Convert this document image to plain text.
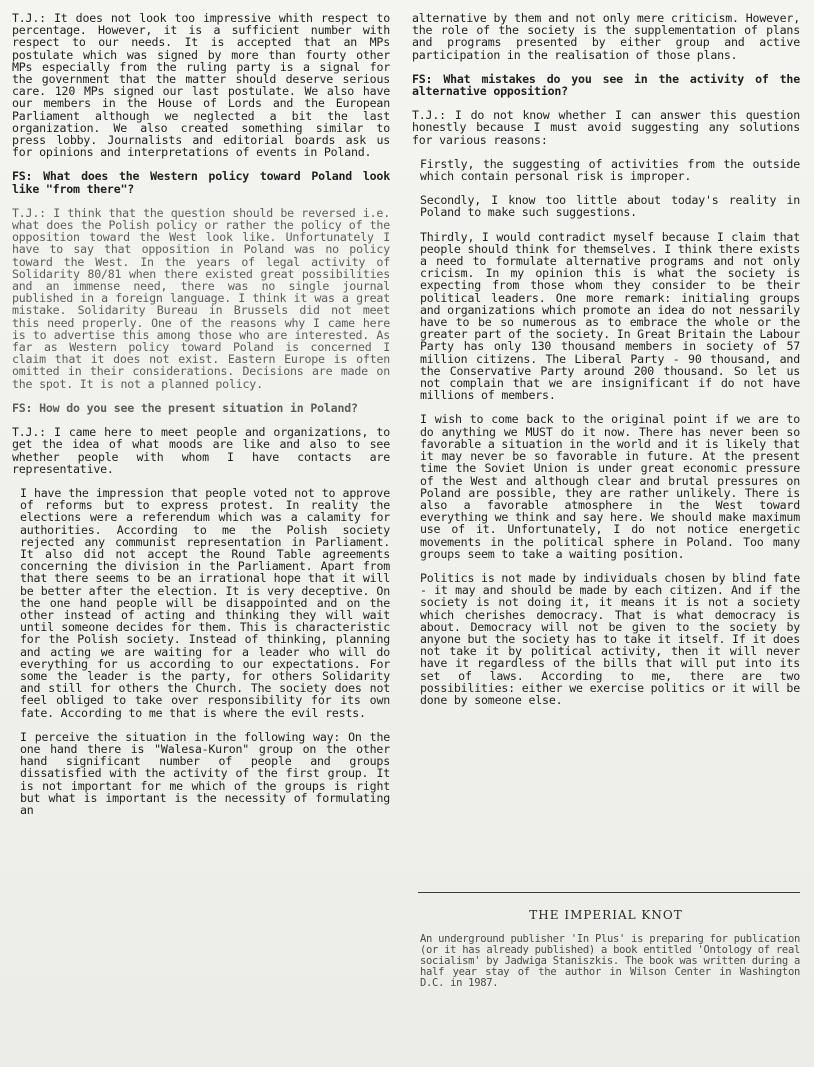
T.J.: It does not look too impressive whith respect to percentage. However, it is a sufficient number with respect to our needs. It is accepted that an MPs postulate which was signed by more than fourty other MPs especially from the ruling party is a signal for the government that the matter should deserve serious care. 120 MPs signed our last postulate. We also have our members in the House of Lords and the European Parliament although we neglected a bit the last organization. We also created something similar to press lobby. Journalists and editorial boards ask us for opinions and interpretations of events in Poland.

FS: What does the Western policy toward Poland look like "from there"?

T.J.: I think that the question should be reversed i.e. what does the Polish policy or rather the policy of the opposition toward the West look like. Unfortunately I have to say that opposition in Poland was no policy toward the West. In the years of legal activity of Solidarity 80/81 when there existed great possibilities and an immense need, there was no single journal published in a foreign language. I think it was a great mistake. Solidarity Bureau in Brussels did not meet this need properly. One of the reasons why I came here is to advertise this among those who are interested. As far as Western policy toward Poland is concerned I claim that it does not exist. Eastern Europe is often omitted in their considerations. Decisions are made on the spot. It is not a planned policy.

FS: How do you see the present situation in Poland?

T.J.: I came here to meet people and organizations, to get the idea of what moods are like and also to see whether people with whom I have contacts are representative.

I have the impression that people voted not to approve of reforms but to express protest. In reality the elections were a referendum which was a calamity for authorities. According to me the Polish society rejected any communist representation in Parliament. It also did not accept the Round Table agreements concerning the division in the Parliament. Apart from that there seems to be an irrational hope that it will be better after the election. It is very deceptive. On the one hand people will be disappointed and on the other instead of acting and thinking they will wait until someone decides for them. This is characteristic for the Polish society. Instead of thinking, planning and acting we are waiting for a leader who will do everything for us according to our expectations. For some the leader is the party, for others Solidarity and still for others the Church. The society does not feel obliged to take over responsibility for its own fate. According to me that is where the evil rests.

I perceive the situation in the following way: On the one hand there is "Walesa-Kuron" group on the other hand significant number of people and groups dissatisfied with the activity of the first group. It is not important for me which of the groups is right but what is important is the necessity of formulating an

alternative by them and not only mere criticism. However, the role of the society is the supplementation of plans and programs presented by either group and active participation in the realisation of those plans.

FS: What mistakes do you see in the activity of the alternative opposition?

T.J.: I do not know whether I can answer this question honestly because I must avoid suggesting any solutions for various reasons:

Firstly, the suggesting of activities from the outside which contain personal risk is improper.

Secondly, I know too little about today's reality in Poland to make such suggestions.

Thirdly, I would contradict myself because I claim that people should think for themselves. I think there exists a need to formulate alternative programs and not only cricism. In my opinion this is what the society is expecting from those whom they consider to be their political leaders. One more remark: initialing groups and organizations which promote an idea do not nessarily have to be so numerous as to embrace the whole or the greater part of the society. In Great Britain the Labour Party has only 130 thousand members in society of 57 million citizens. The Liberal Party - 90 thousand, and the Conservative Party around 200 thousand. So let us not complain that we are insignificant if do not have millions of members.

I wish to come back to the original point if we are to do anything we MUST do it now. There has never been so favorable a situation in the world and it is likely that it may never be so favorable in future. At the present time the Soviet Union is under great economic pressure of the West and although clear and brutal pressures on Poland are possible, they are rather unlikely. There is also a favorable atmosphere in the West toward everything we think and say here. We should make maximum use of it. Unfortunately, I do not notice energetic movements in the political sphere in Poland. Too many groups seem to take a waiting position.

Politics is not made by individuals chosen by blind fate - it may and should be made by each citizen. And if the society is not doing it, it means it is not a society which cherishes democracy. That is what democracy is about. Democracy will not be given to the society by anyone but the society has to take it itself. If it does not take it by political activity, then it will never have it regardless of the bills that will put into its set of laws. According to me, there are two possibilities: either we exercise politics or it will be done by someone else.

THE IMPERIAL KNOT
An underground publisher 'In Plus' is preparing for publication (or it has already published) a book entitled 'Ontology of real socialism' by Jadwiga Staniszkis. The book was written during a half year stay of the author in Wilson Center in Washington D.C. in 1987.
